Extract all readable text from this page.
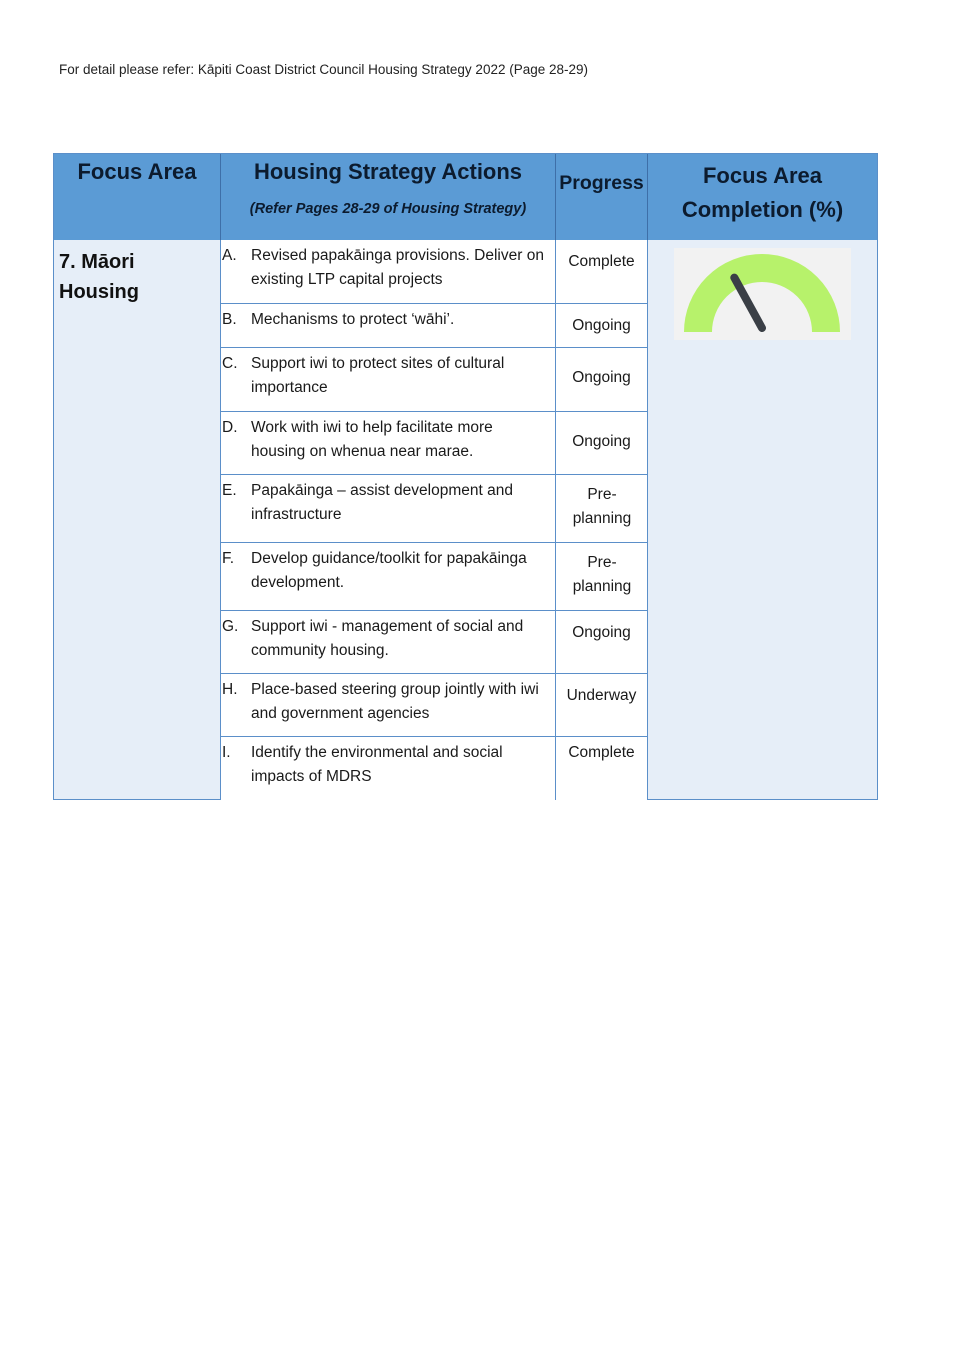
For detail please refer: Kāpiti Coast District Council Housing Strategy 2022 (Page 28-29)
Focus Area	Housing Strategy Actions
(Refer Pages 28-29 of Housing Strategy)
Progress	Focus Area Completion (%)
7. Māori
Housing
A. Revised papakāinga provisions. Deliver on existing LTP capital projects
B. Mechanisms to protect ‘wāhi’.
C. Support iwi to protect sites of cultural importance
D. Work with iwi to help facilitate more housing on whenua near marae.
E. Papakāinga – assist development and infrastructure
F. Develop guidance/toolkit for papakāinga development.
G. Support iwi - management of social and community housing.
H. Place-based steering group jointly with iwi and government agencies
I. Identify the environmental and social impacts of MDRS
Complete
Ongoing
Ongoing
Ongoing
Pre-
planning
Pre-
planning
Ongoing
Underway
Complete
